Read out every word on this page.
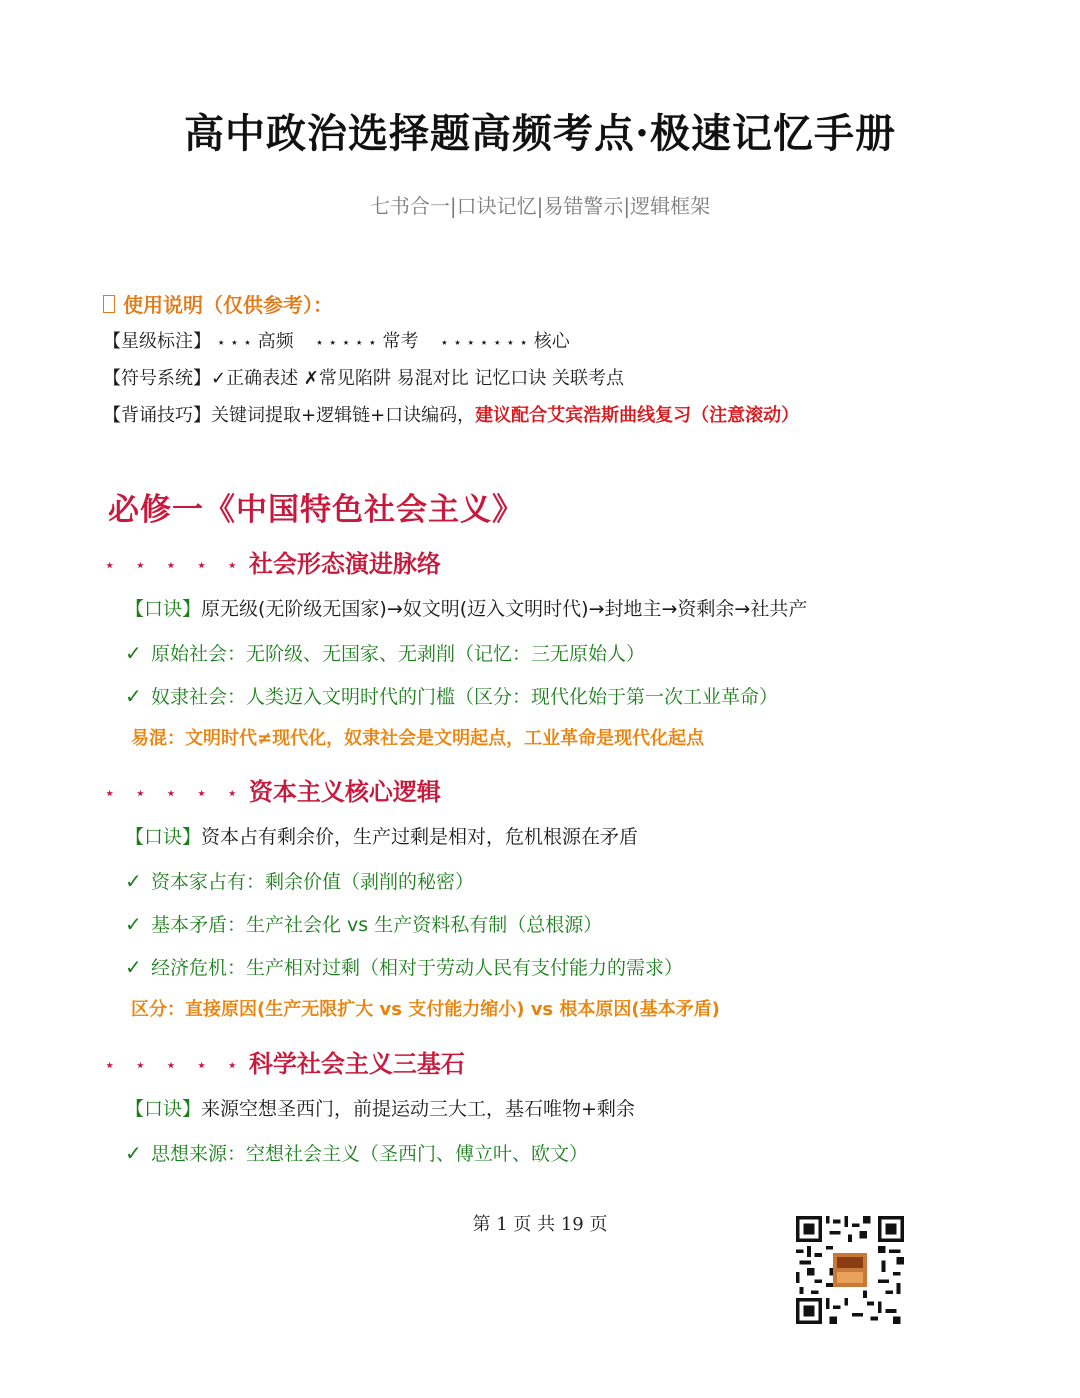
高中政治选择题高频考点·极速记忆手册
七书合一|口诀记忆|易错警示|逻辑框架
使用说明（仅供参考）：
【星级标注】 ⋆ ⋆ ⋆ 高频 ⋆ ⋆ ⋆ ⋆ ⋆ 常考 ⋆ ⋆ ⋆ ⋆ ⋆ ⋆ ⋆ 核心
【符号系统】✓正确表述 ✗常见陷阱 易混对比 记忆口诀 关联考点
【背诵技巧】关键词提取+逻辑链+口诀编码，建议配合艾宾浩斯曲线复习（注意滚动）
必修一《中国特色社会主义》
⋆ ⋆ ⋆ ⋆ ⋆ 社会形态演进脉络
【口诀】原无级(无阶级无国家)→奴文明(迈入文明时代)→封地主→资剩余→社共产
✓ 原始社会：无阶级、无国家、无剥削（记忆：三无原始人）
✓ 奴隶社会：人类迈入文明时代的门槛（区分：现代化始于第一次工业革命）
易混：文明时代≠现代化，奴隶社会是文明起点，工业革命是现代化起点
⋆ ⋆ ⋆ ⋆ ⋆ 资本主义核心逻辑
【口诀】资本占有剩余价，生产过剩是相对，危机根源在矛盾
✓ 资本家占有：剩余价值（剥削的秘密）
✓ 基本矛盾：生产社会化 vs 生产资料私有制（总根源）
✓ 经济危机：生产相对过剩（相对于劳动人民有支付能力的需求）
区分：直接原因(生产无限扩大 vs 支付能力缩小) vs 根本原因(基本矛盾)
⋆ ⋆ ⋆ ⋆ ⋆ 科学社会主义三基石
【口诀】来源空想圣西门，前提运动三大工，基石唯物+剩余
✓ 思想来源：空想社会主义（圣西门、傅立叶、欧文）
第 1 页 共 19 页
